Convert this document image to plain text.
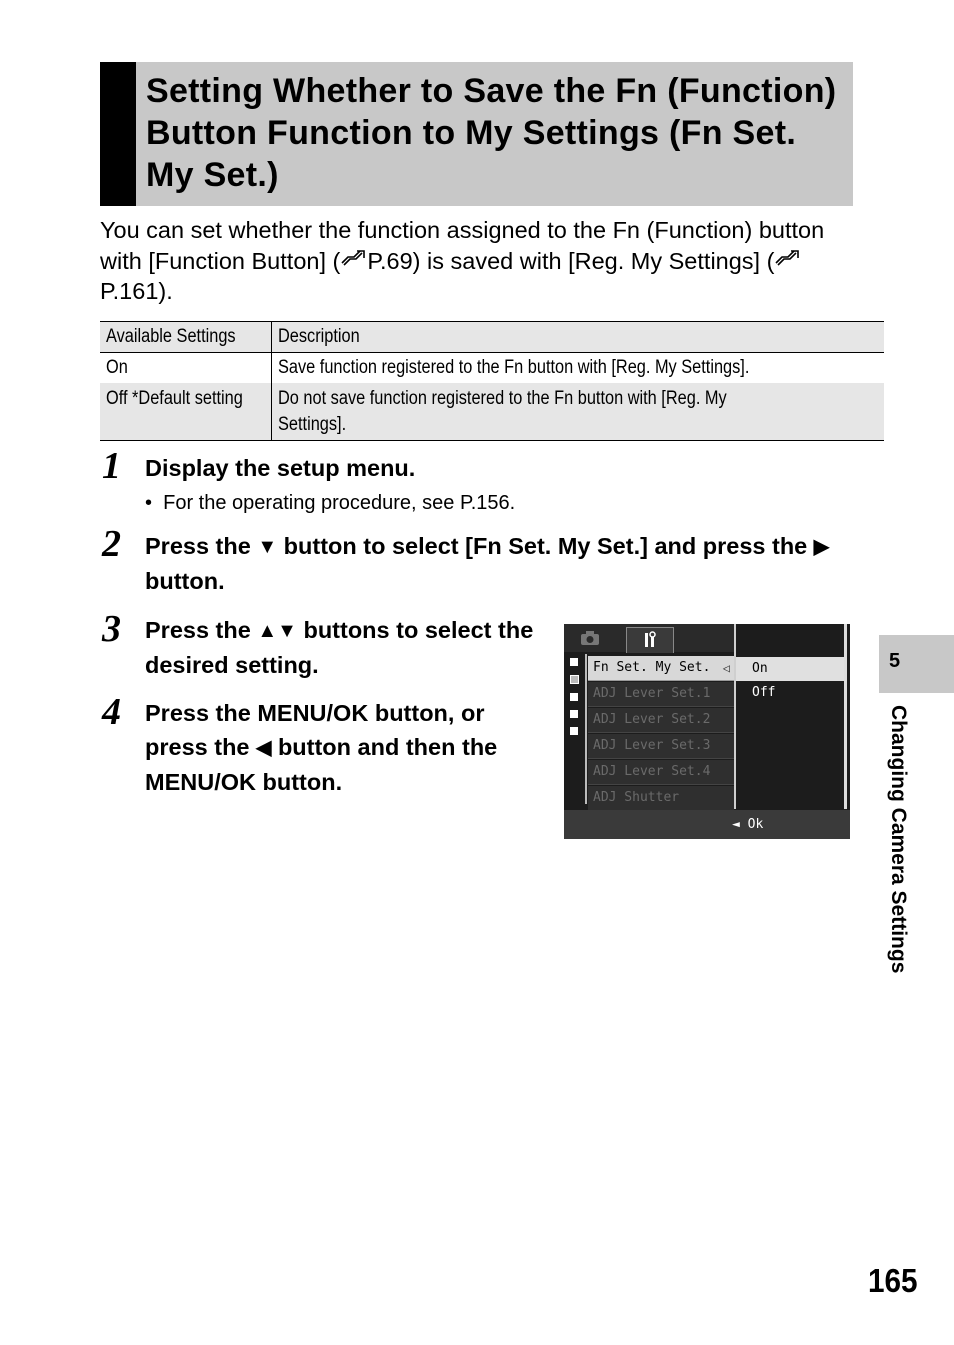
Setting Whether to Save the Fn (Function) Button Function to My Settings (Fn Set. My Set.)
You can set whether the function assigned to the Fn (Function) button with [Function Button] ( P.69) is saved with [Reg. My Settings] (P.161).
Available Settings	Description
On	Save function registered to the Fn button with [Reg. My Settings].
Off *Default setting	Do not save function registered to the Fn button with [Reg. My Settings].
1 Display the setup menu.
•  For the operating procedure, see P.156.
2 Press the ▼ button to select [Fn Set. My Set.] and press the ▶ button.
3 Press the ▲▼ buttons to select the desired setting.
4 Press the MENU/OK button, or press the ◀ button and then the MENU/OK button.
Fn Set. My Set. ◁
ADJ Lever Set.1
ADJ Lever Set.2
ADJ Lever Set.3
ADJ Lever Set.4
ADJ Shutter
On
Off
◄ Ok
5
Changing Camera Settings
165
